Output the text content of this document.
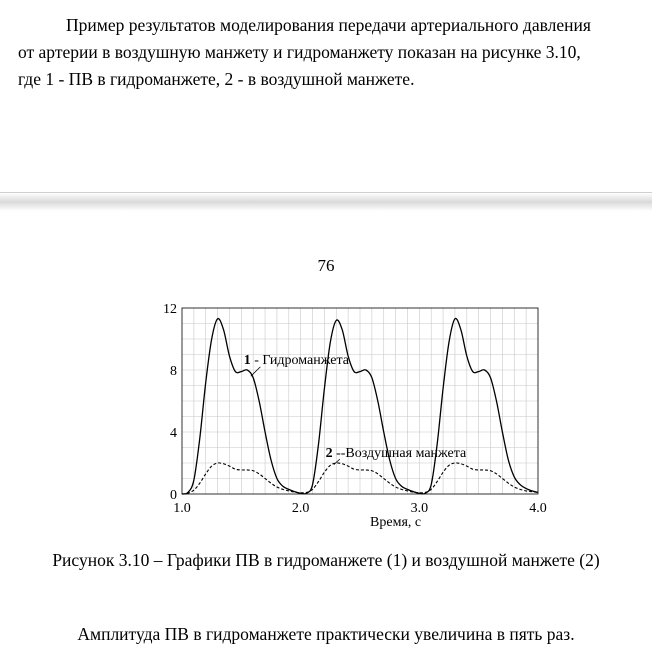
Пример результатов моделирования передачи артериального давления
от артерии в воздушную манжету и гидроманжету показан на рисунке 3.10,
где 1 - ПВ в гидроманжете, 2 - в воздушной манжете.
76
0
4
8
12
1.0	2.0	3.0	4.0
1 - Гидроманжета
2 --Воздушная манжета
Время, с
Рисунок 3.10 – Графики ПВ в гидроманжете (1) и воздушной манжете (2)
Амплитуда ПВ в гидроманжете практически увеличина в пять раз.
